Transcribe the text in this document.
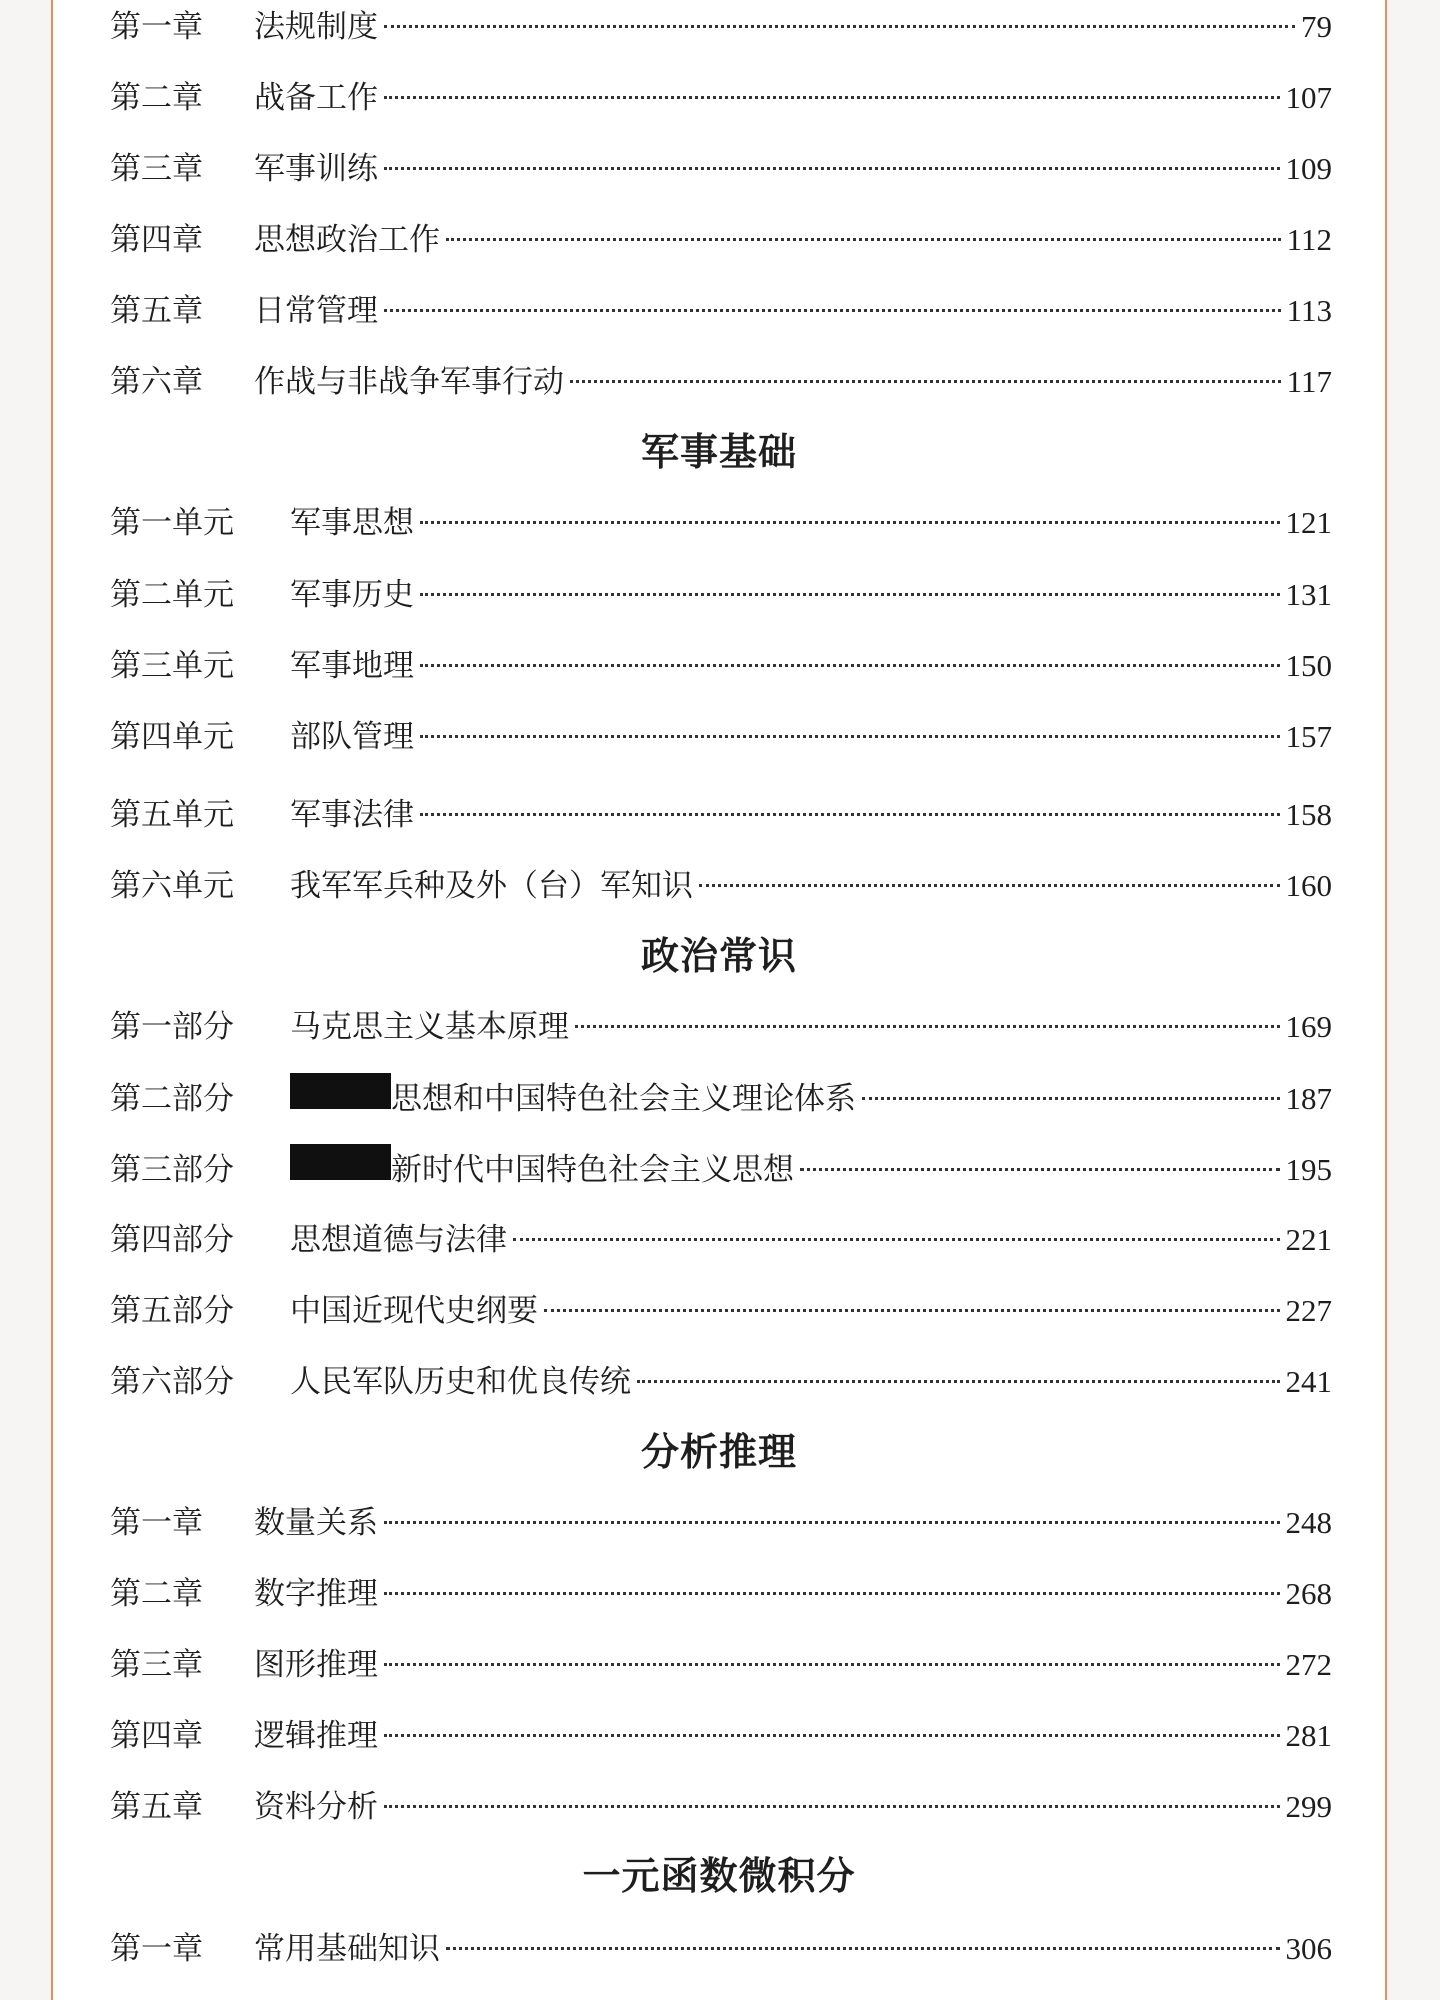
第一章	法规制度	79
第二章	战备工作	107
第三章	军事训练	109
第四章	思想政治工作	112
第五章	日常管理	113
第六章	作战与非战争军事行动	117
军事基础
第一单元	军事思想	121
第二单元	军事历史	131
第三单元	军事地理	150
第四单元	部队管理	157
第五单元	军事法律	158
第六单元	我军军兵种及外（台）军知识	160
政治常识
第一部分	马克思主义基本原理	169
第二部分	思想和中国特色社会主义理论体系	187
第三部分	新时代中国特色社会主义思想	195
第四部分	思想道德与法律	221
第五部分	中国近现代史纲要	227
第六部分	人民军队历史和优良传统	241
分析推理
第一章	数量关系	248
第二章	数字推理	268
第三章	图形推理	272
第四章	逻辑推理	281
第五章	资料分析	299
一元函数微积分
第一章	常用基础知识	306
